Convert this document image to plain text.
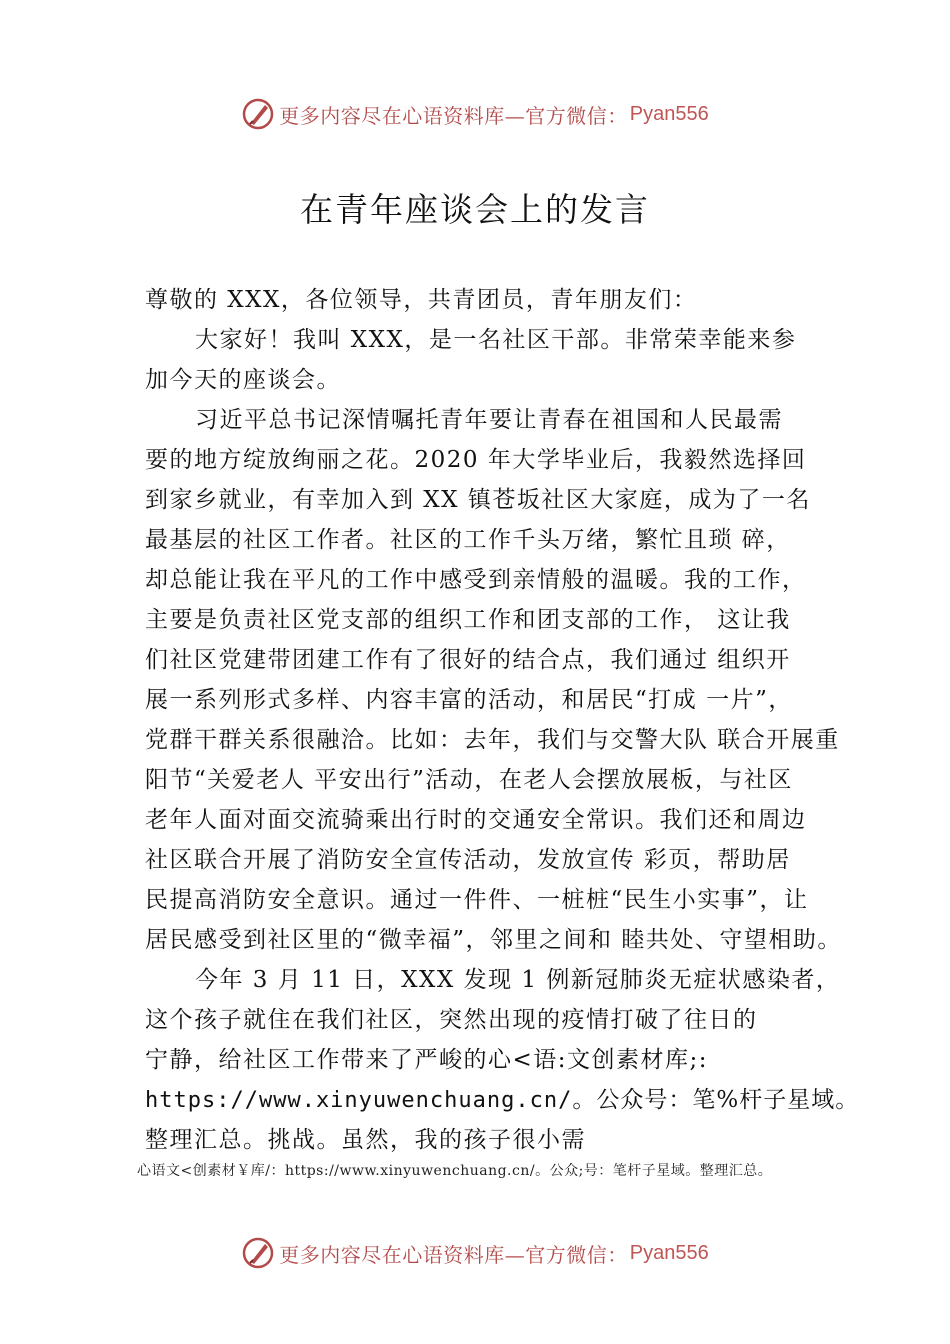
更多内容尽在心语资料库—官方微信： Pyan556
在青年座谈会上的发言
尊敬的 XXX，各位领导，共青团员，青年朋友们：
大家好！我叫 XXX，是一名社区干部。非常荣幸能来参
加今天的座谈会。
习近平总书记深情嘱托青年要让青春在祖国和人民最需
要的地方绽放绚丽之花。2020 年大学毕业后，我毅然选择回
到家乡就业，有幸加入到 XX 镇苍坂社区大家庭，成为了一名
最基层的社区工作者。社区的工作千头万绪，繁忙且琐 碎，
却总能让我在平凡的工作中感受到亲情般的温暖。我的工作，
主要是负责社区党支部的组织工作和团支部的工作， 这让我
们社区党建带团建工作有了很好的结合点，我们通过 组织开
展一系列形式多样、内容丰富的活动，和居民“打成 一片”，
党群干群关系很融洽。比如：去年，我们与交警大队 联合开展重
阳节“关爱老人 平安出行”活动，在老人会摆放展板，与社区
老年人面对面交流骑乘出行时的交通安全常识。我们还和周边
社区联合开展了消防安全宣传活动，发放宣传 彩页，帮助居
民提高消防安全意识。通过一件件、一桩桩“民生小实事”，让
居民感受到社区里的“微幸福”，邻里之间和 睦共处、守望相助。
今年 3 月 11 日，XXX 发现 1 例新冠肺炎无症状感染者，
这个孩子就住在我们社区，突然出现的疫情打破了往日的
宁静，给社区工作带来了严峻的心<语:文创素材库;:
https://www.xinyuwenchuang.cn/。公众号：笔%杆子星域。
整理汇总。挑战。虽然，我的孩子很小需
心语文<创素材￥库/：https://www.xinyuwenchuang.cn/。公众;号：笔杆子星域。整理汇总。
更多内容尽在心语资料库—官方微信： Pyan556
